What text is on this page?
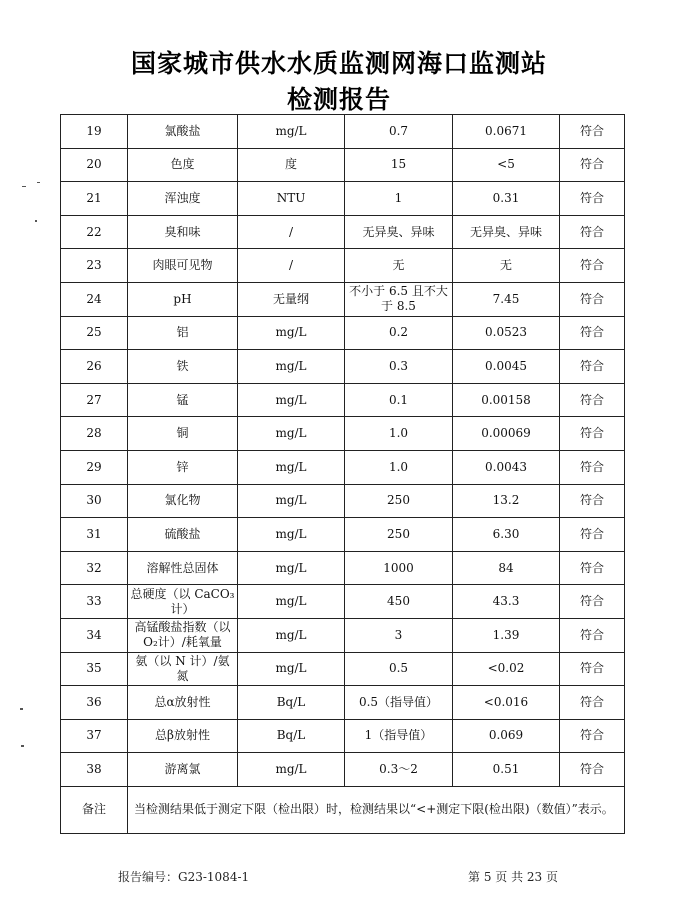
国家城市供水水质监测网海口监测站
检测报告
19	氯酸盐	mg/L	0.7	0.0671	符合
20	色度	度	15	<5	符合
21	浑浊度	NTU	1	0.31	符合
22	臭和味	/	无异臭、异味	无异臭、异味	符合
23	肉眼可见物	/	无	无	符合
24	pH	无量纲	不小于 6.5 且不大于 8.5	7.45	符合
25	铝	mg/L	0.2	0.0523	符合
26	铁	mg/L	0.3	0.0045	符合
27	锰	mg/L	0.1	0.00158	符合
28	铜	mg/L	1.0	0.00069	符合
29	锌	mg/L	1.0	0.0043	符合
30	氯化物	mg/L	250	13.2	符合
31	硫酸盐	mg/L	250	6.30	符合
32	溶解性总固体	mg/L	1000	84	符合
33	总硬度（以 CaCO₃计）	mg/L	450	43.3	符合
34	高锰酸盐指数（以 O₂计）/耗氧量	mg/L	3	1.39	符合
35	氨（以 N 计）/氨氮	mg/L	0.5	<0.02	符合
36	总α放射性	Bq/L	0.5（指导值）	<0.016	符合
37	总β放射性	Bq/L	1（指导值）	0.069	符合
38	游离氯	mg/L	0.3～2	0.51	符合
备注	当检测结果低于测定下限（检出限）时，检测结果以“<+测定下限(检出限)（数值）”表示。				
报告编号：G23-1084-1	第 5 页 共 23 页
